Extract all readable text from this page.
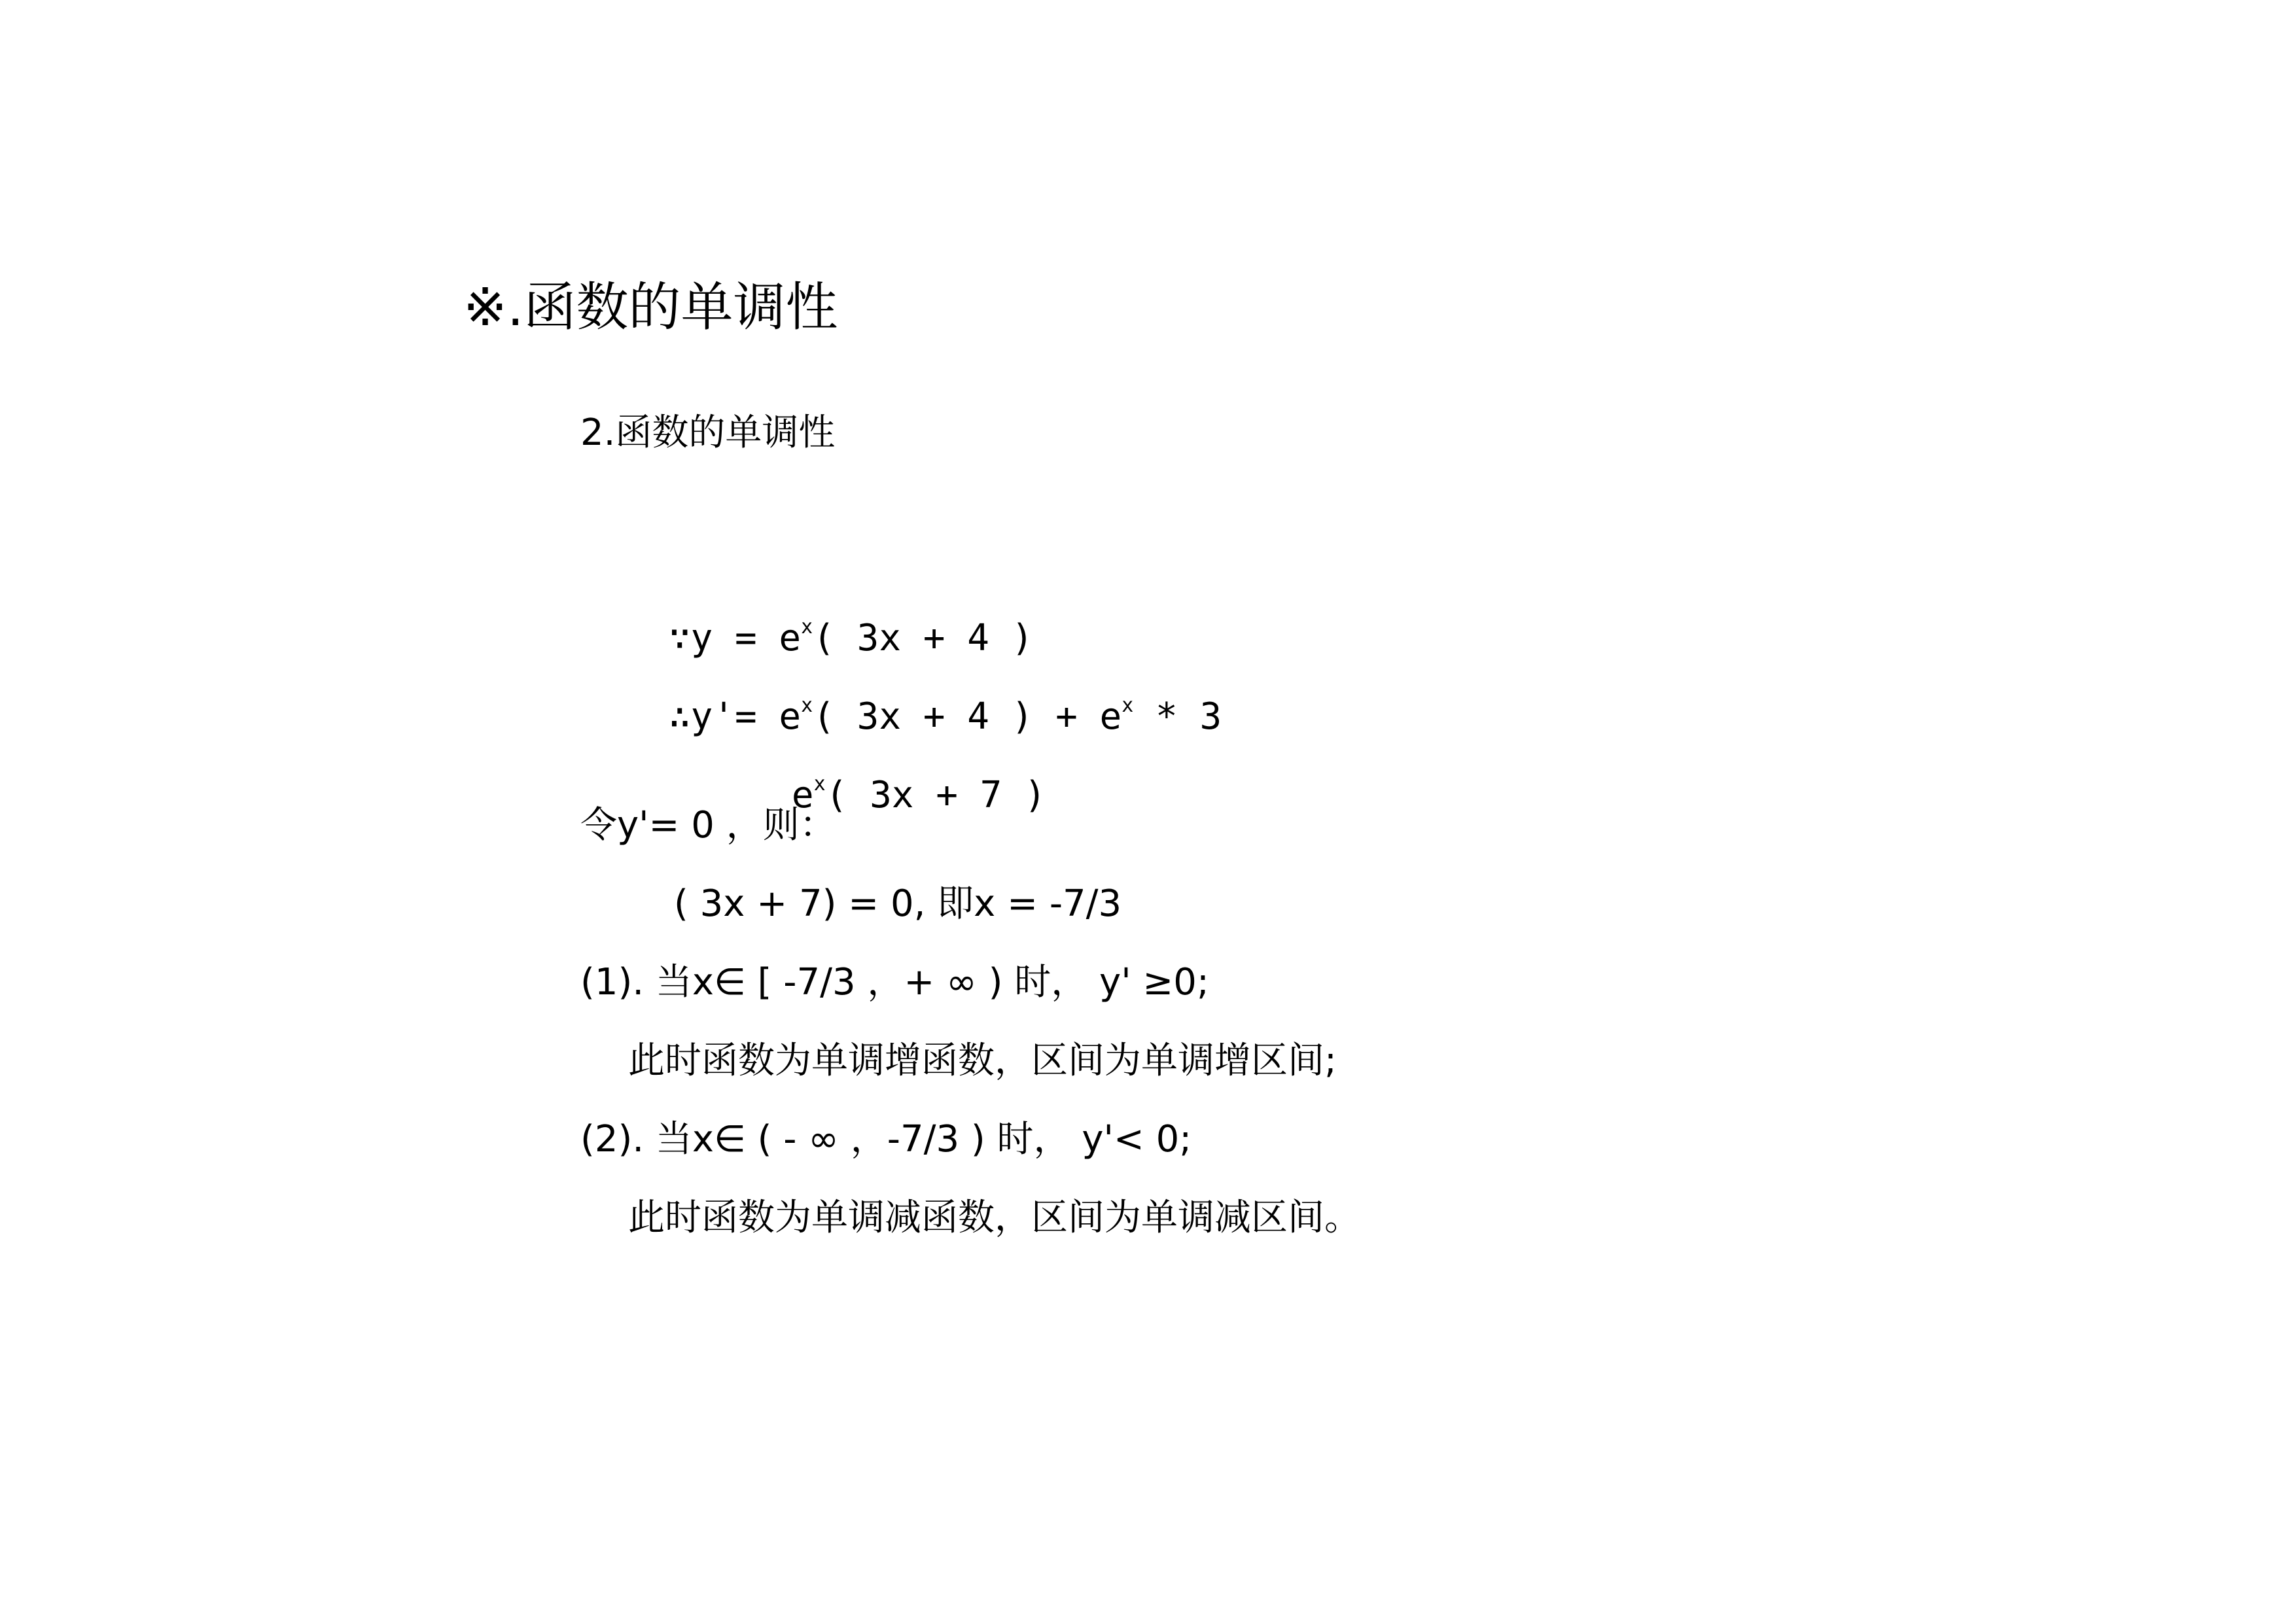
※.函数的单调性
2.函数的单调性

∵y = $e^x$( 3x + 4 )

∴y'= $e^x$( 3x + 4 ) + $e^x * 3$

$e^x$( 3x + 7 )

令y'= 0 ，则：
( 3x + 7) = 0, 即x = -7/3
(1). 当x∈ [ -7/3 ，+ ∞ ) 时， y' ≥0;
此时函数为单调增函数，区间为单调增区间;
(2). 当x∈ ( - ∞ ，-7/3 ) 时， y'< 0;
此时函数为单调减函数，区间为单调减区间。
